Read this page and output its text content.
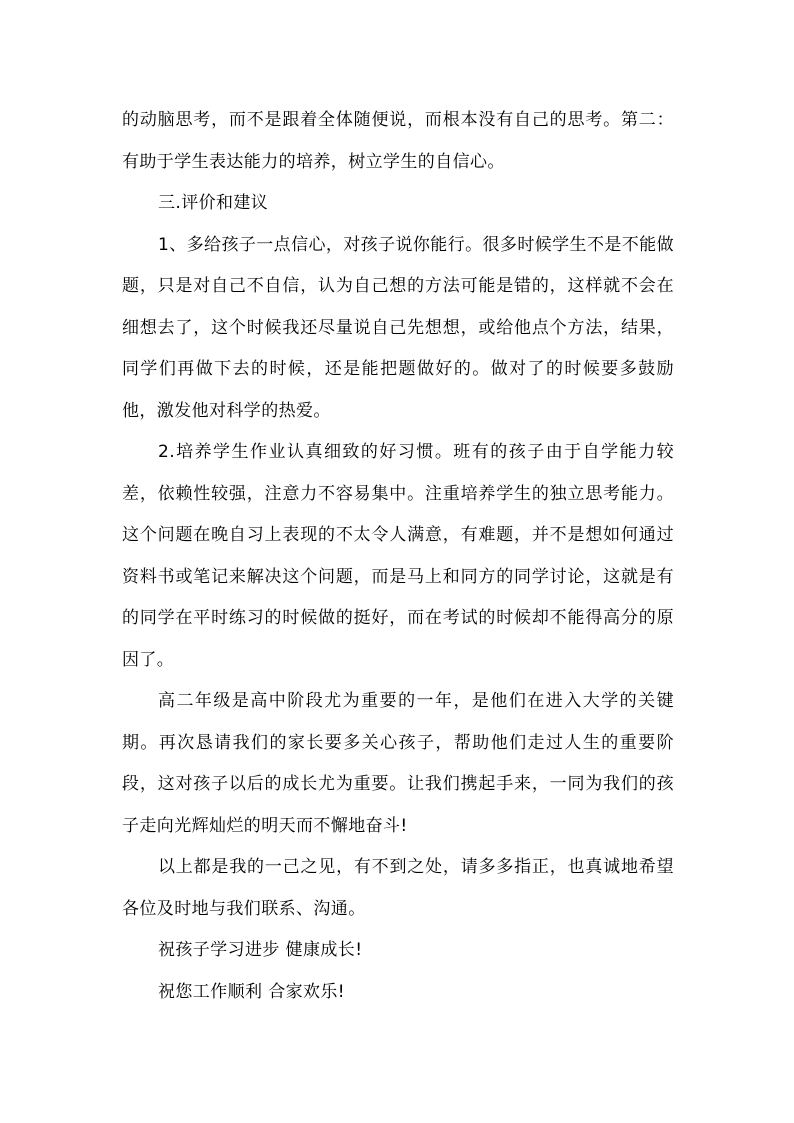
的动脑思考，而不是跟着全体随便说，而根本没有自己的思考。第二：有助于学生表达能力的培养，树立学生的自信心。

三.评价和建议

1、多给孩子一点信心，对孩子说你能行。很多时候学生不是不能做题，只是对自己不自信，认为自己想的方法可能是错的，这样就不会在细想去了，这个时候我还尽量说自己先想想，或给他点个方法，结果，同学们再做下去的时候，还是能把题做好的。做对了的时候要多鼓励他，激发他对科学的热爱。

2.培养学生作业认真细致的好习惯。班有的孩子由于自学能力较差，依赖性较强，注意力不容易集中。注重培养学生的独立思考能力。这个问题在晚自习上表现的不太令人满意，有难题，并不是想如何通过资料书或笔记来解决这个问题，而是马上和同方的同学讨论，这就是有的同学在平时练习的时候做的挺好，而在考试的时候却不能得高分的原因了。

高二年级是高中阶段尤为重要的一年，是他们在进入大学的关键期。再次恳请我们的家长要多关心孩子，帮助他们走过人生的重要阶段，这对孩子以后的成长尤为重要。让我们携起手来，一同为我们的孩子走向光辉灿烂的明天而不懈地奋斗!

以上都是我的一己之见，有不到之处，请多多指正，也真诚地希望各位及时地与我们联系、沟通。

祝孩子学习进步 健康成长!

祝您工作顺利 合家欢乐!
